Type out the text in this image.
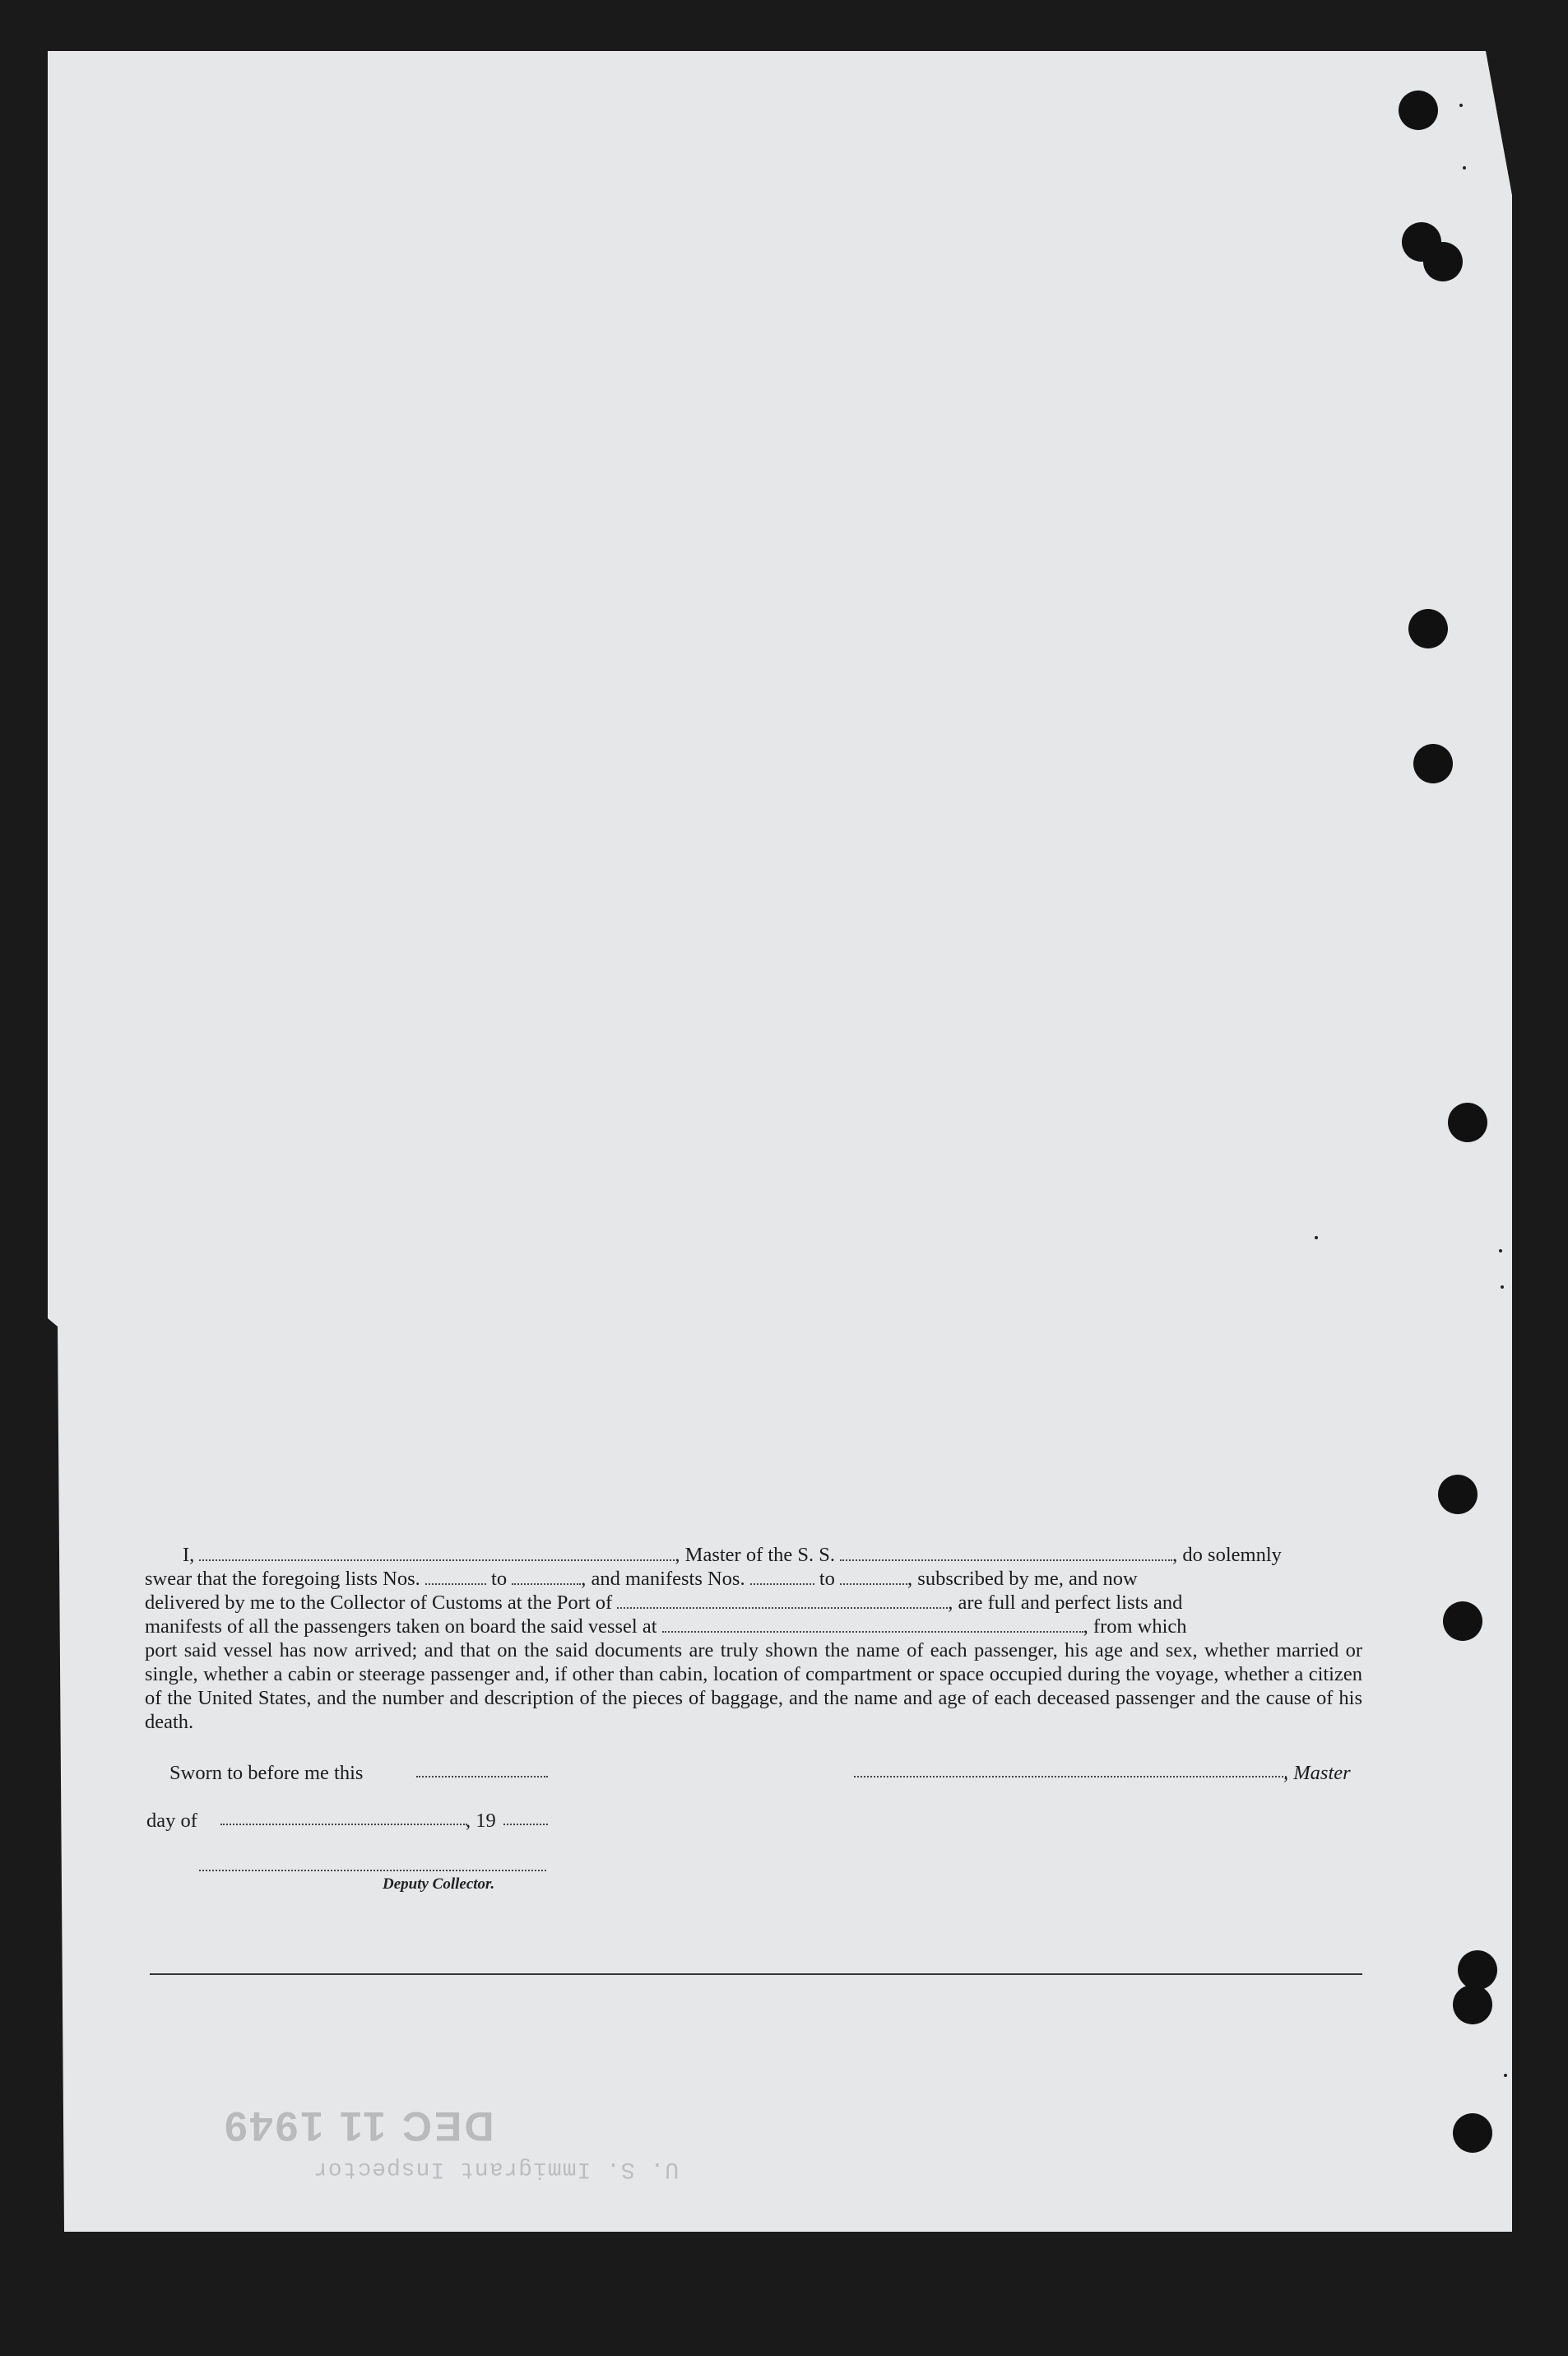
I,	, Master of the S. S.	, do solemnly
swear that the foregoing lists Nos.	to	, and manifests Nos.	to	, subscribed by me, and now
delivered by me to the Collector of Customs at the Port of	, are full and perfect lists and
manifests of all the passengers taken on board the said vessel at	, from which
port said vessel has now arrived; and that on the said documents are truly shown the name of each passenger, his age and sex, whether married or single, whether a cabin or steerage passenger and, if other than cabin, location of compartment or space occupied during the voyage, whether a citizen of the United States, and the number and description of the pieces of baggage, and the name and age of each deceased passenger and the cause of his death.
Sworn to before me this	, Master
day of	, 19
Deputy Collector.
DEC 11 1949
U. S. Immigrant Inspector
